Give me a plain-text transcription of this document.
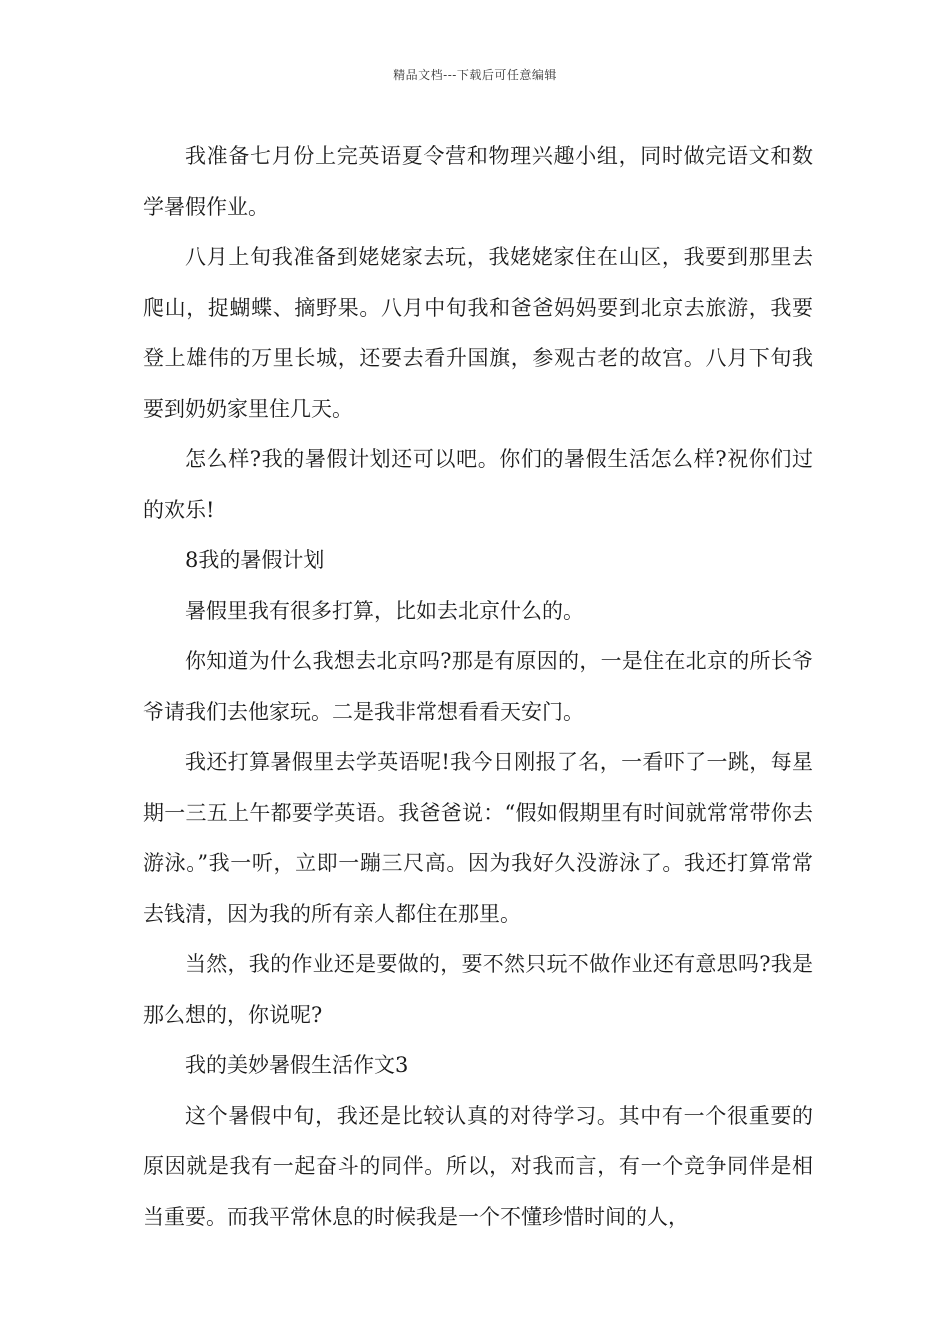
精品文档---下载后可任意编辑

我准备七月份上完英语夏令营和物理兴趣小组，同时做完语文和数学暑假作业。

八月上旬我准备到姥姥家去玩，我姥姥家住在山区，我要到那里去爬山，捉蝴蝶、摘野果。八月中旬我和爸爸妈妈要到北京去旅游，我要登上雄伟的万里长城，还要去看升国旗，参观古老的故宫。八月下旬我要到奶奶家里住几天。

怎么样?我的暑假计划还可以吧。你们的暑假生活怎么样?祝你们过的欢乐!

8我的暑假计划

暑假里我有很多打算，比如去北京什么的。

你知道为什么我想去北京吗?那是有原因的，一是住在北京的所长爷爷请我们去他家玩。二是我非常想看看天安门。

我还打算暑假里去学英语呢!我今日刚报了名，一看吓了一跳，每星期一三五上午都要学英语。我爸爸说：“假如假期里有时间就常常带你去游泳。”我一听，立即一蹦三尺高。因为我好久没游泳了。我还打算常常去钱清，因为我的所有亲人都住在那里。

当然，我的作业还是要做的，要不然只玩不做作业还有意思吗?我是那么想的，你说呢?

我的美妙暑假生活作文3

这个暑假中旬，我还是比较认真的对待学习。其中有一个很重要的原因就是我有一起奋斗的同伴。所以，对我而言，有一个竞争同伴是相当重要。而我平常休息的时候我是一个不懂珍惜时间的人，
